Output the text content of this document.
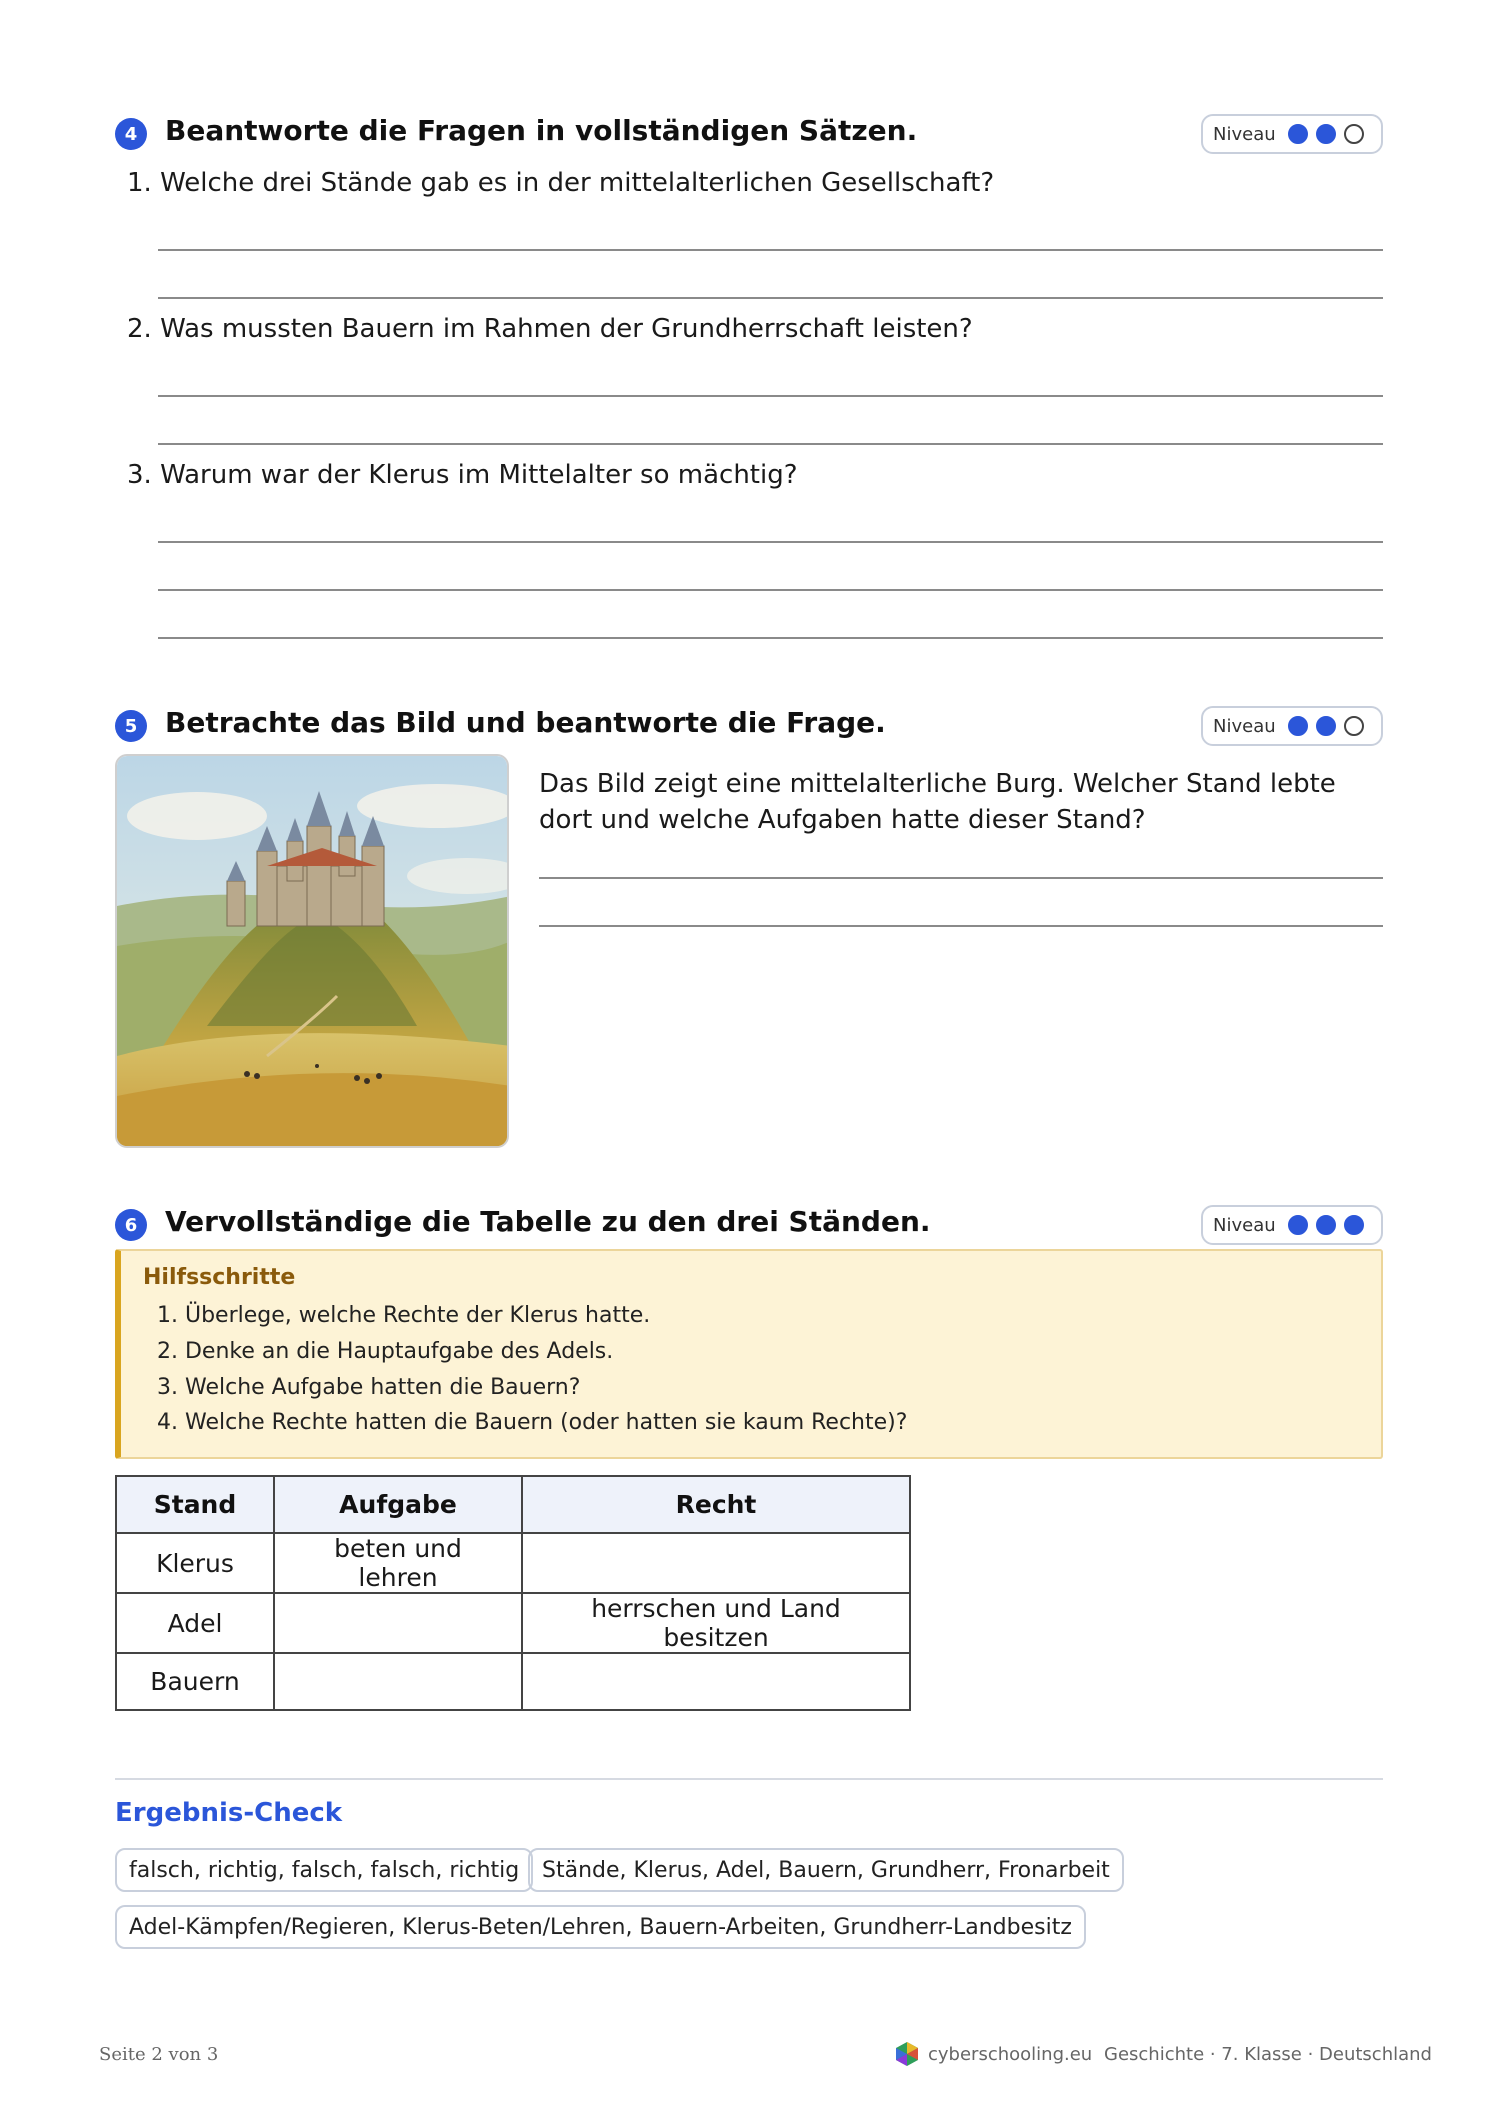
4 Beantworte die Fragen in vollständigen Sätzen.	Niveau
1. Welche drei Stände gab es in der mittelalterlichen Gesellschaft?
2. Was mussten Bauern im Rahmen der Grundherrschaft leisten?
3. Warum war der Klerus im Mittelalter so mächtig?
5 Betrachte das Bild und beantworte die Frage.	Niveau
Das Bild zeigt eine mittelalterliche Burg. Welcher Stand lebte dort und welche Aufgaben hatte dieser Stand?
6 Vervollständige die Tabelle zu den drei Ständen.	Niveau
Hilfsschritte
1. Überlege, welche Rechte der Klerus hatte.
2. Denke an die Hauptaufgabe des Adels.
3. Welche Aufgabe hatten die Bauern?
4. Welche Rechte hatten die Bauern (oder hatten sie kaum Rechte)?
Stand	Aufgabe	Recht
Klerus	beten und lehren	
Adel		herrschen und Land besitzen
Bauern		
Ergebnis-Check
falsch, richtig, falsch, falsch, richtig	Stände, Klerus, Adel, Bauern, Grundherr, Fronarbeit
Adel-Kämpfen/Regieren, Klerus-Beten/Lehren, Bauern-Arbeiten, Grundherr-Landbesitz
Seite 2 von 3	cyberschooling.eu Geschichte · 7. Klasse · Deutschland
